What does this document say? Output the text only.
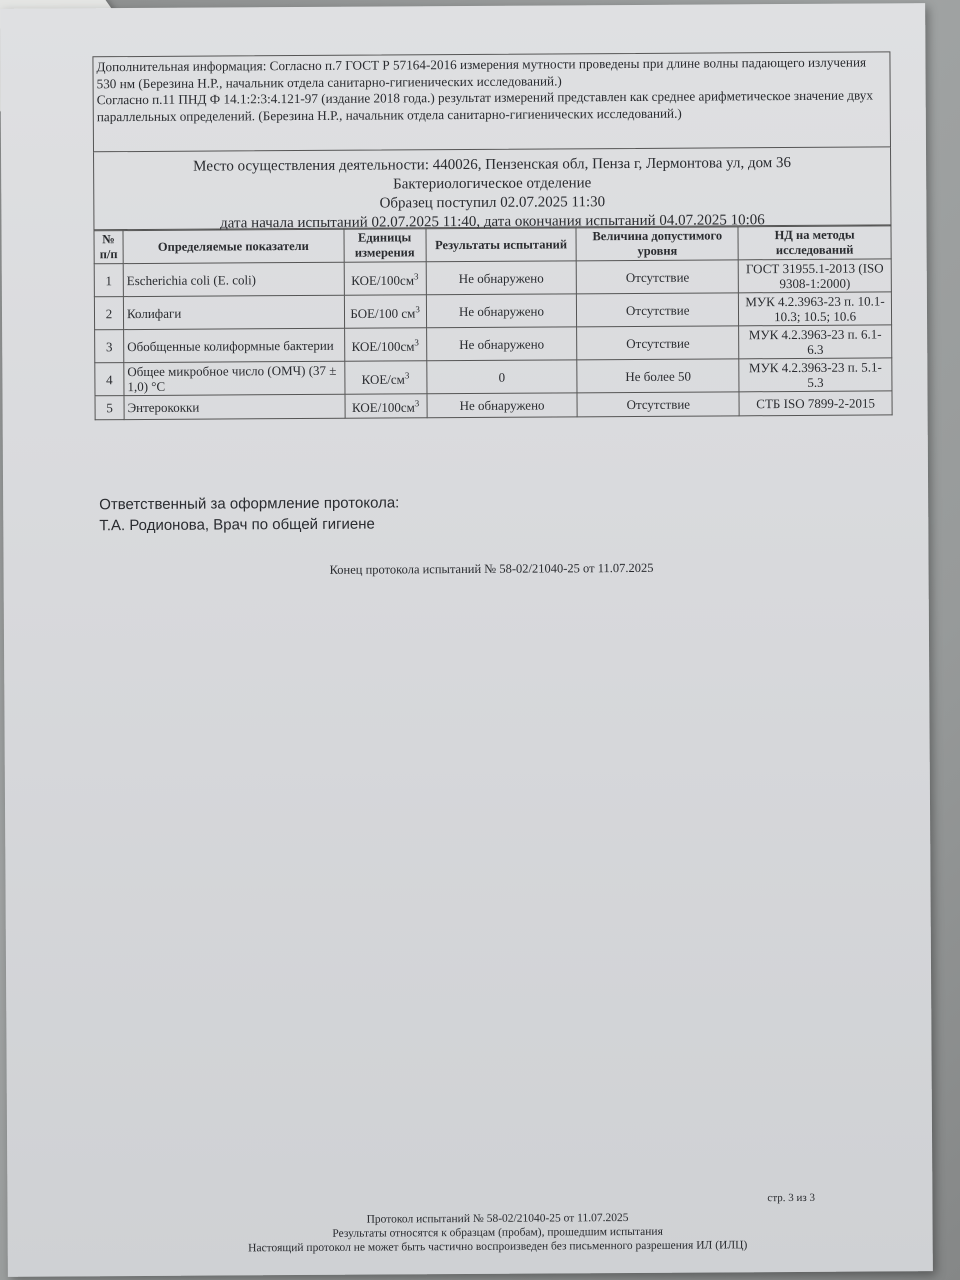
Дополнительная информация: Согласно п.7 ГОСТ Р 57164-2016 измерения мутности проведены при длине волны падающего излучения 530 нм (Березина Н.Р., начальник отдела санитарно-гигиенических исследований.)

Согласно п.11 ПНД Ф 14.1:2:3:4.121-97 (издание 2018 года.) результат измерений представлен как среднее арифметическое значение двух параллельных определений. (Березина Н.Р., начальник отдела санитарно-гигиенических исследований.)

Место осуществления деятельности: 440026, Пензенская обл, Пенза г, Лермонтова ул, дом 36
Бактериологическое отделение
Образец поступил 02.07.2025 11:30
дата начала испытаний 02.07.2025 11:40, дата окончания испытаний 04.07.2025 10:06
№ п/п	Определяемые показатели	Единицы измерения	Результаты испытаний	Величина допустимого уровня	НД на методы исследований
1	Escherichia coli (E. coli)	КОЕ/$100см^3$	Не обнаружено	Отсутствие	ГОСТ 31955.1-2013 (ISO 9308-1:2000)
2	Колифаги	БОЕ/100 $см^3$	Не обнаружено	Отсутствие	МУК 4.2.3963-23 п. 10.1-10.3; 10.5; 10.6
3	Обобщенные колиформные бактерии	КОЕ/$100см^3$	Не обнаружено	Отсутствие	МУК 4.2.3963-23 п. 6.1-6.3
4	Общее микробное число (ОМЧ) (37 ± 1,0) °С	КОЕ/$см^3$	0	Не более 50	МУК 4.2.3963-23 п. 5.1-5.3
5	Энтерококки	КОЕ/$100см^3$	Не обнаружено	Отсутствие	СТБ ISO 7899-2-2015
Ответственный за оформление протокола:
Т.А. Родионова, Врач по общей гигиене
Конец протокола испытаний № 58-02/21040-25 от 11.07.2025
стр. 3 из 3
Протокол испытаний № 58-02/21040-25 от 11.07.2025
Результаты относятся к образцам (пробам), прошедшим испытания
Настоящий протокол не может быть частично воспроизведен без письменного разрешения ИЛ (ИЛЦ)
